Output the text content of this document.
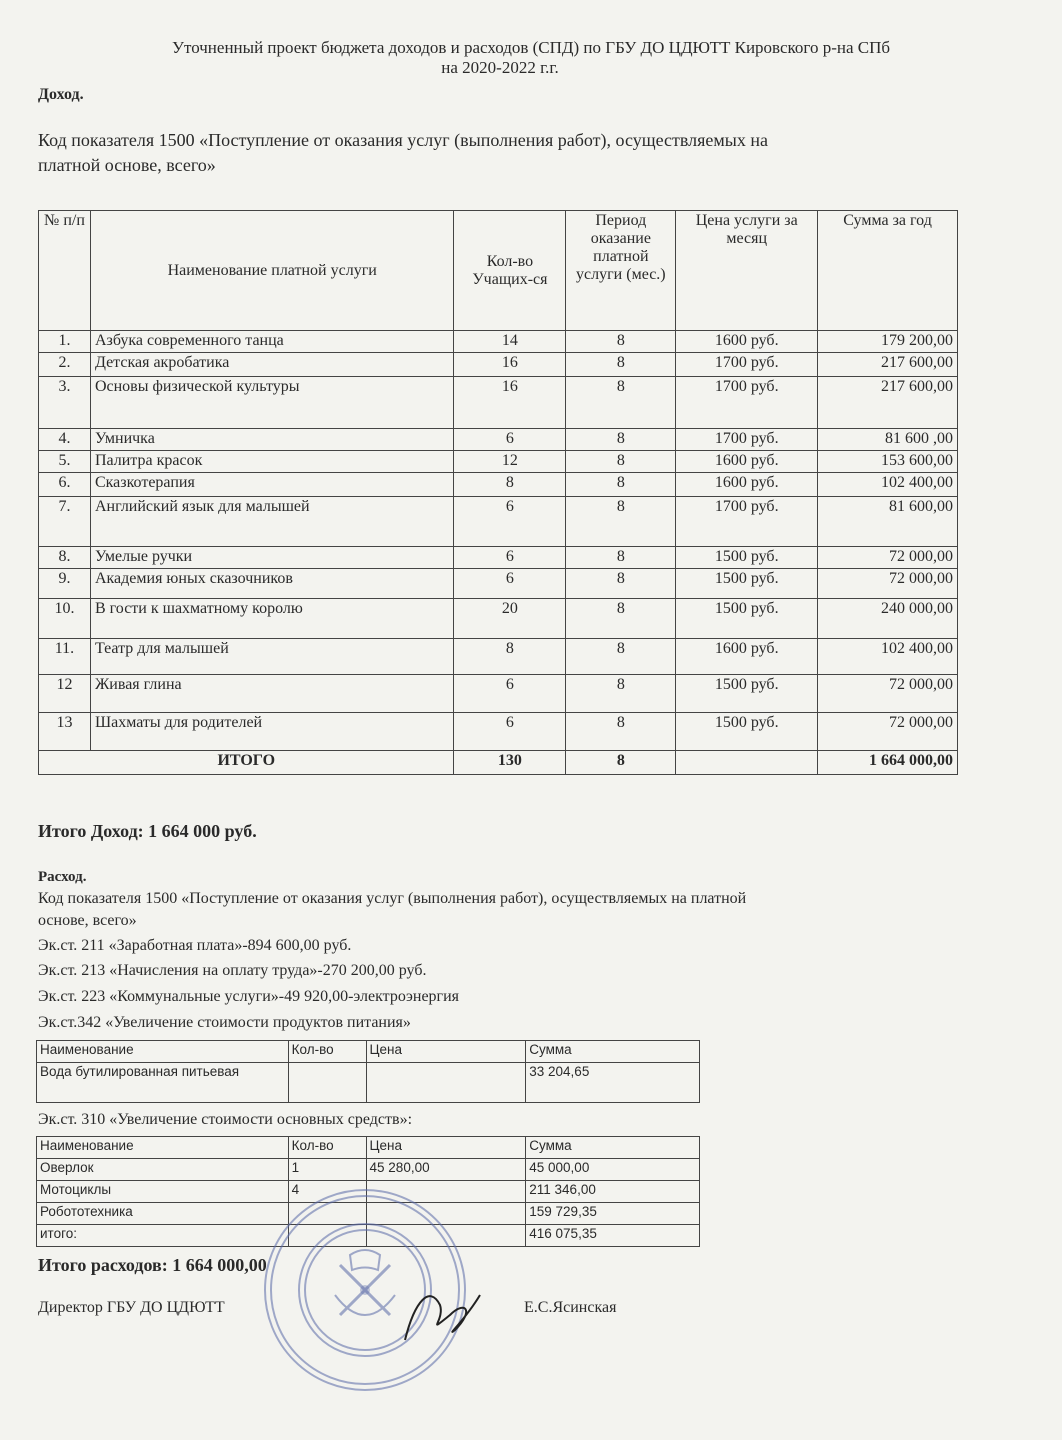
Уточненный проект бюджета доходов и расходов (СПД) по ГБУ ДО ЦДЮТТ Кировского р-на СПб
на 2020-2022 г.г.
Доход.
Код показателя 1500 «Поступление от оказания услуг (выполнения работ), осуществляемых на
платной основе, всего»
№ п/п	Наименование платной услуги	Кол-во Учащих-ся	Период оказание платной услуги (мес.)	Цена услуги за месяц	Сумма за год
1.	Азбука современного танца	14	8	1600 руб.	179 200,00
2.	Детская акробатика	16	8	1700 руб.	217 600,00
3.	Основы физической культуры	16	8	1700 руб.	217 600,00
4.	Умничка	6	8	1700 руб.	81 600 ,00
5.	Палитра красок	12	8	1600 руб.	153 600,00
6.	Сказкотерапия	8	8	1600 руб.	102 400,00
7.	Английский язык для малышей	6	8	1700 руб.	81 600,00
8.	Умелые ручки	6	8	1500 руб.	72 000,00
9.	Академия юных сказочников	6	8	1500 руб.	72 000,00
10.	В гости к шахматному королю	20	8	1500 руб.	240 000,00
11.	Театр для малышей	8	8	1600 руб.	102 400,00
12	Живая глина	6	8	1500 руб.	72 000,00
13	Шахматы для родителей	6	8	1500 руб.	72 000,00
ИТОГО		130	8		1 664 000,00
Итого Доход: 1 664 000 руб.
Расход.
Код показателя 1500 «Поступление от оказания услуг (выполнения работ), осуществляемых на платной
основе, всего»
Эк.ст. 211 «Заработная плата»-894 600,00 руб.
Эк.ст. 213 «Начисления на оплату труда»-270 200,00 руб.
Эк.ст. 223 «Коммунальные услуги»-49 920,00-электроэнергия
Эк.ст.342 «Увеличение стоимости продуктов питания»
Наименование	Кол-во	Цена	Сумма
Вода бутилированная питьевая			33 204,65
Эк.ст. 310 «Увеличение стоимости основных средств»:
Наименование	Кол-во	Цена	Сумма
Оверлок	1	45 280,00	45 000,00
Мотоциклы	4		211 346,00
Робототехника			159 729,35
итого:			416 075,35
Итого расходов: 1 664 000,00
Директор ГБУ ДО ЦДЮТТ	Е.С.Ясинская
